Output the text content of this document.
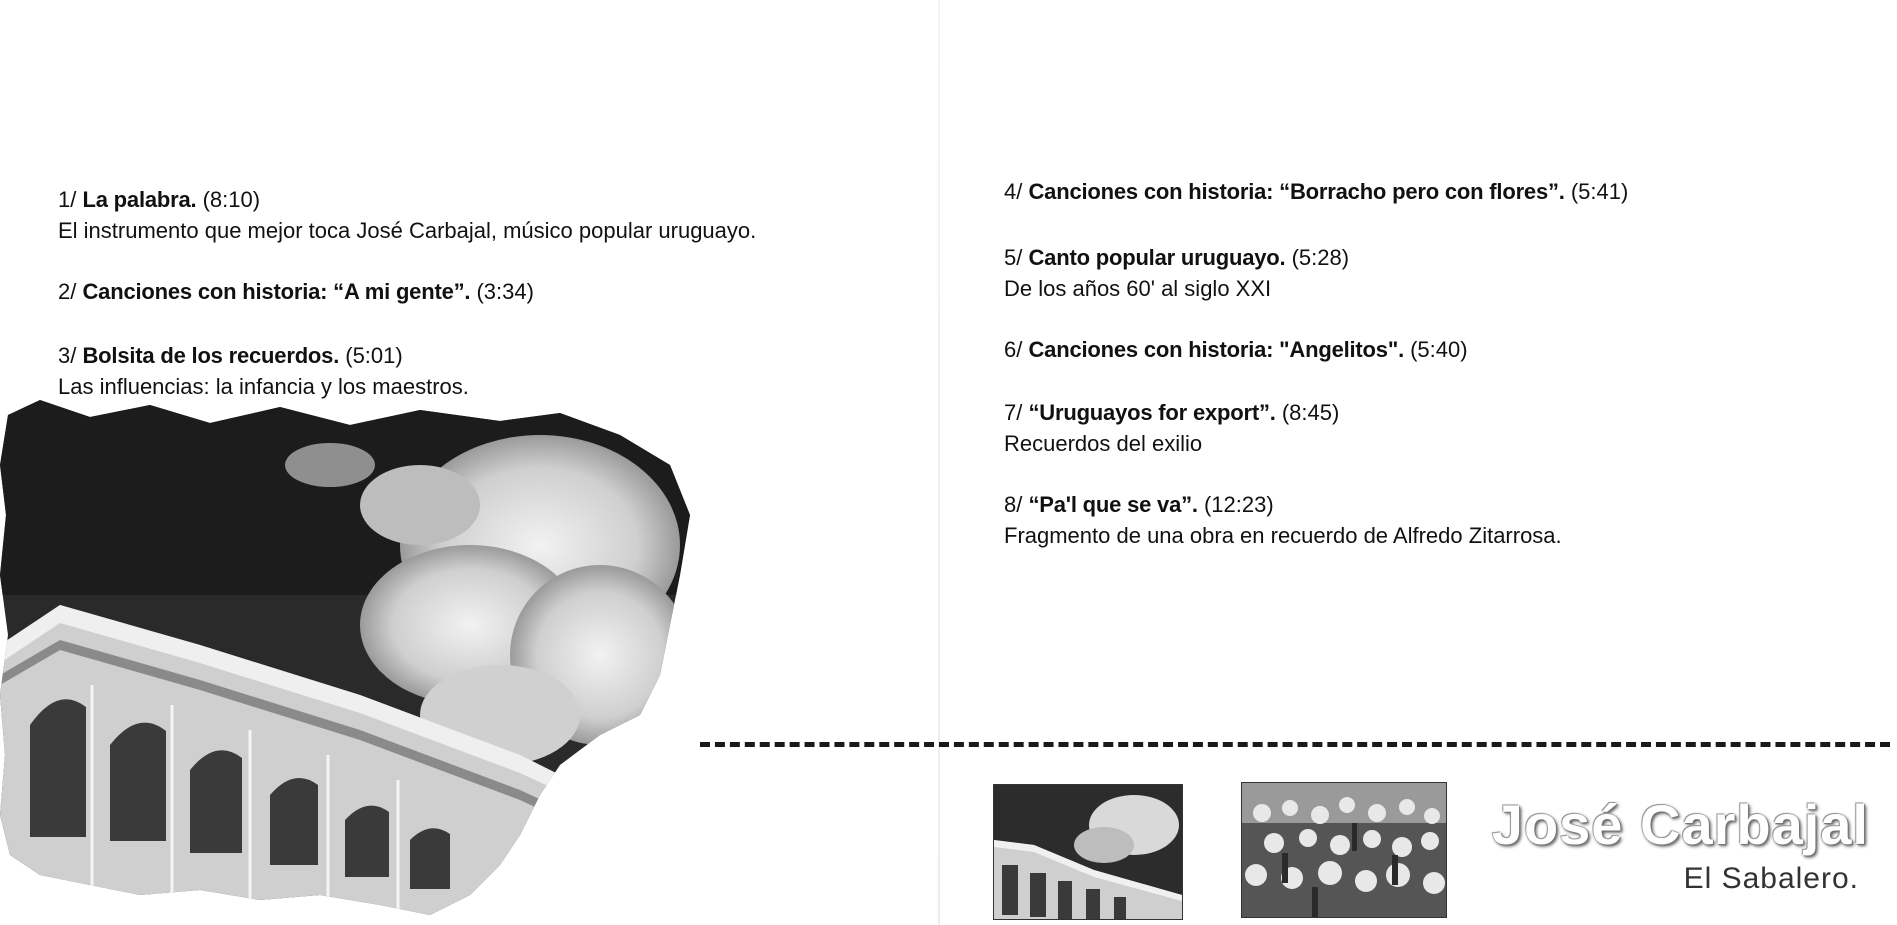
1/ La palabra. (8:10)
El instrumento que mejor toca José Carbajal, músico popular uruguayo.
2/ Canciones con historia: “A mi gente”. (3:34)
3/ Bolsita de los recuerdos. (5:01)
Las influencias: la infancia y los maestros.
4/ Canciones con historia: “Borracho pero con flores”. (5:41)
5/ Canto popular uruguayo. (5:28)
De los años 60' al siglo XXI
6/ Canciones con historia: "Angelitos". (5:40)
7/ “Uruguayos for export”. (8:45)
Recuerdos del exilio
8/ “Pa'l que se va”. (12:23)
Fragmento de una obra en recuerdo de Alfredo Zitarrosa.
José Carbajal
El Sabalero.
